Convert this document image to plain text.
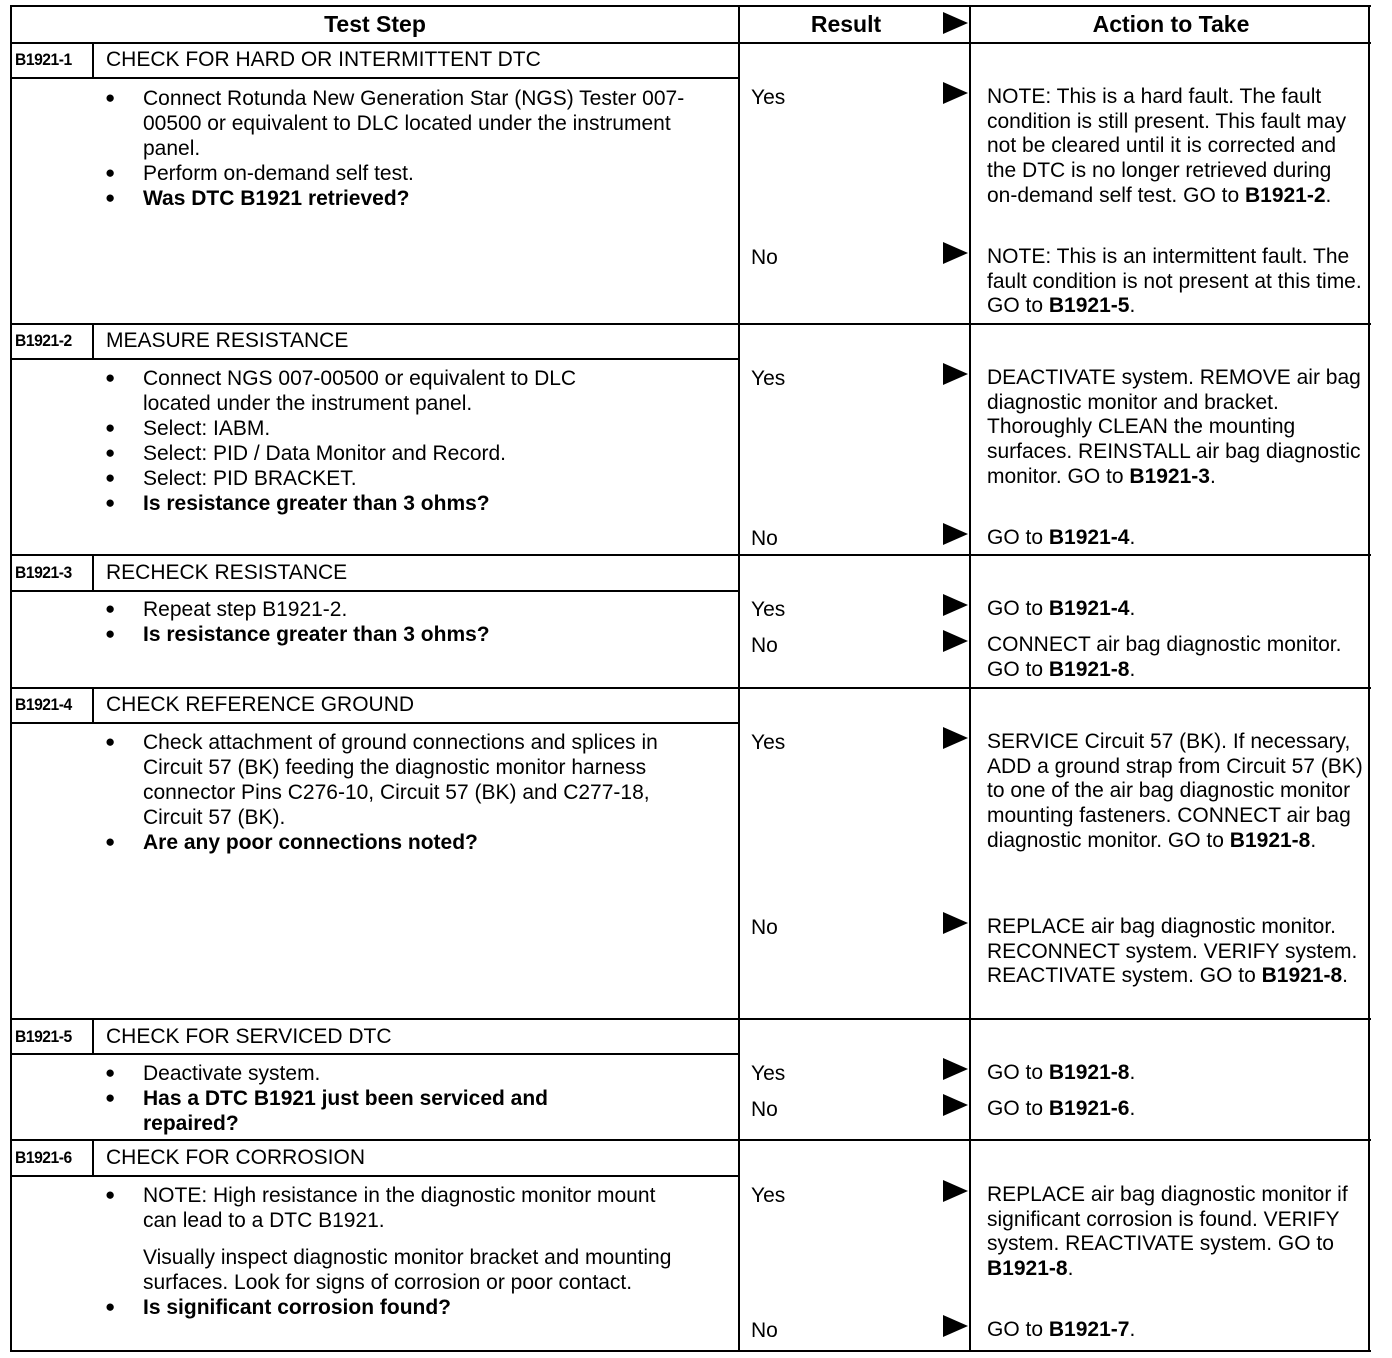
Test Step	Result	Action to Take
B1921-1	CHECK FOR HARD OR INTERMITTENT DTC
● Connect Rotunda New Generation Star (NGS) Tester 007-00500 or equivalent to DLC located under the instrument panel.
● Perform on-demand self test.
● Was DTC B1921 retrieved?
Yes	NOTE: This is a hard fault. The fault condition is still present. This fault may not be cleared until it is corrected and the DTC is no longer retrieved during on-demand self test. GO to B1921-2.
No	NOTE: This is an intermittent fault. The fault condition is not present at this time. GO to B1921-5.
B1921-2	MEASURE RESISTANCE
● Connect NGS 007-00500 or equivalent to DLC located under the instrument panel.
● Select: IABM.
● Select: PID / Data Monitor and Record.
● Select: PID BRACKET.
● Is resistance greater than 3 ohms?
Yes	DEACTIVATE system. REMOVE air bag diagnostic monitor and bracket. Thoroughly CLEAN the mounting surfaces. REINSTALL air bag diagnostic monitor. GO to B1921-3.
No	GO to B1921-4.
B1921-3	RECHECK RESISTANCE
● Repeat step B1921-2.
● Is resistance greater than 3 ohms?
Yes	GO to B1921-4.
No	CONNECT air bag diagnostic monitor. GO to B1921-8.
B1921-4	CHECK REFERENCE GROUND
● Check attachment of ground connections and splices in Circuit 57 (BK) feeding the diagnostic monitor harness connector Pins C276-10, Circuit 57 (BK) and C277-18, Circuit 57 (BK).
● Are any poor connections noted?
Yes	SERVICE Circuit 57 (BK). If necessary, ADD a ground strap from Circuit 57 (BK) to one of the air bag diagnostic monitor mounting fasteners. CONNECT air bag diagnostic monitor. GO to B1921-8.
No	REPLACE air bag diagnostic monitor. RECONNECT system. VERIFY system. REACTIVATE system. GO to B1921-8.
B1921-5	CHECK FOR SERVICED DTC
● Deactivate system.
● Has a DTC B1921 just been serviced and repaired?
Yes	GO to B1921-8.
No	GO to B1921-6.
B1921-6	CHECK FOR CORROSION
● NOTE: High resistance in the diagnostic monitor mount can lead to a DTC B1921.
Visually inspect diagnostic monitor bracket and mounting surfaces. Look for signs of corrosion or poor contact.
● Is significant corrosion found?
Yes	REPLACE air bag diagnostic monitor if significant corrosion is found. VERIFY system. REACTIVATE system. GO to B1921-8.
No	GO to B1921-7.
